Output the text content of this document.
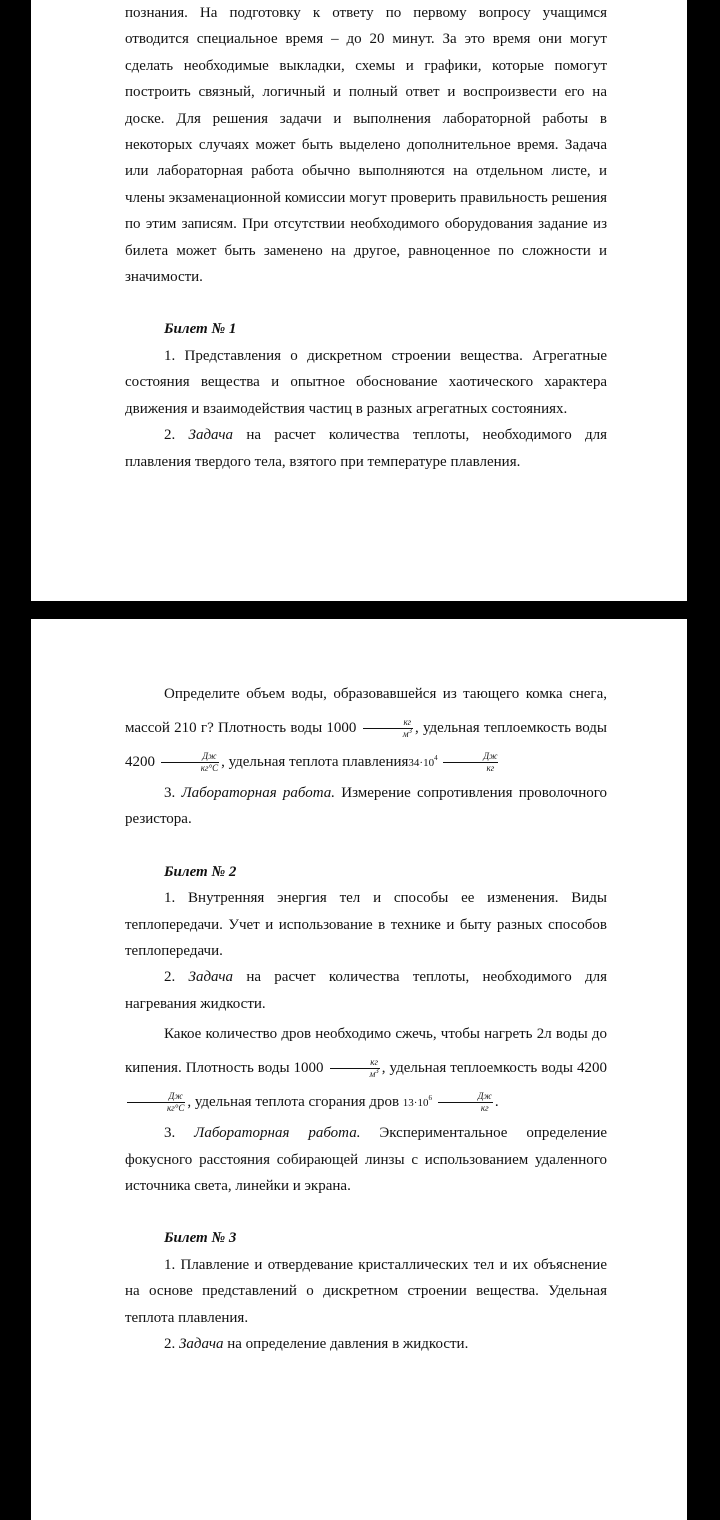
познания. На подготовку к ответу по первому вопросу учащимся отводится специальное время – до 20 минут. За это время они могут сделать необходимые выкладки, схемы и графики, которые помогут построить связный, логичный и полный ответ и воспроизвести его на доске. Для решения задачи и выполнения лабораторной работы в некоторых случаях может быть выделено дополнительное время. Задача или лабораторная работа обычно выполняются на отдельном листе, и члены экзаменационной комиссии могут проверить правильность решения по этим записям. При отсутствии необходимого оборудования задание из билета может быть заменено на другое, равноценное по сложности и значимости.

Билет № 1

1. Представления о дискретном строении вещества. Агрегатные состояния вещества и опытное обоснование хаотического характера движения и взаимодействия частиц в разных агрегатных состояниях.

2. Задача на расчет количества теплоты, необходимого для плавления твердого тела, взятого при температуре плавления.

Определите объем воды, образовавшейся из тающего комка снега, массой 210 г? Плотность воды $1000 \frac{кг}{м^3}$ , удельная теплоемкость воды $4200 \frac{Дж}{кг^\circ С}$ , удельная теплота $плавления34\cdot 10^4 \frac{Дж}{кг}$

3. Лабораторная работа. Измерение сопротивления проволочного резистора.

Билет № 2

1. Внутренняя энергия тел и способы ее изменения. Виды теплопередачи. Учет и использование в технике и быту разных способов теплопередачи.

2. Задача на расчет количества теплоты, необходимого для нагревания жидкости.

Какое количество дров необходимо сжечь, чтобы нагреть 2л воды до кипения. Плотность воды $1000 \frac{кг}{м^3}$ , удельная теплоемкость воды 4200
$\frac{Дж}{кг^\circ С}$ , удельная теплота сгорания дров $13\cdot 10^6 \frac{Дж}{кг}$ .

3. Лабораторная работа. Экспериментальное определение фокусного расстояния собирающей линзы с использованием удаленного источника света, линейки и экрана.

Билет № 3

1. Плавление и отвердевание кристаллических тел и их объяснение на основе представлений о дискретном строении вещества. Удельная теплота плавления.

2. Задача на определение давления в жидкости.
